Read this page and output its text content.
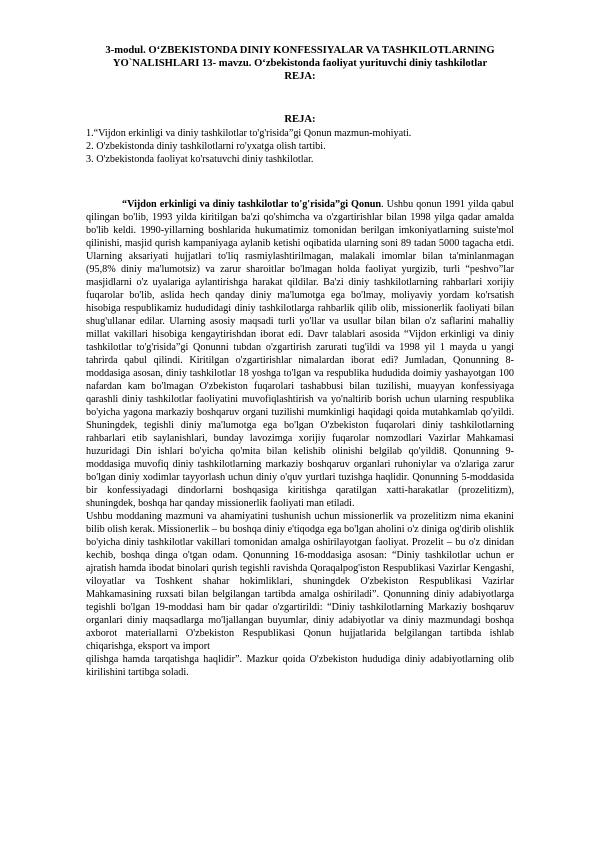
3-modul. O‘ZBEKISTONDA DINIY KONFESSIYALAR VA TASHKILOTLARNING YO`NALISHLARI 13- mavzu. O‘zbekistonda faoliyat yurituvchi diniy tashkilotlar

REJA:
REJA:
1.“Vijdon erkinligi va diniy tashkilotlar to'g'risida”gi Qonun mazmun-mohiyati.
2. O'zbekistonda diniy tashkilotlarni ro'yxatga olish tartibi.
3. O'zbekistonda faoliyat ko'rsatuvchi diniy tashkilotlar.

“Vijdon erkinligi va diniy tashkilotlar to'g'risida”gi Qonun. Ushbu qonun 1991 yilda qabul qilingan bo'lib, 1993 yilda kiritilgan ba'zi qo'shimcha va o'zgartirishlar bilan 1998 yilga qadar amalda bo'lib keldi. 1990-yillarning boshlarida hukumatimiz tomonidan berilgan imkoniyatlarning suiste'mol qilinishi, masjid qurish kampaniyaga aylanib ketishi oqibatida ularning soni 89 tadan 5000 tagacha etdi. Ularning aksariyati hujjatlari to'liq rasmiylashtirilmagan, malakali imomlar bilan ta'minlanmagan (95,8% diniy ma'lumotsiz) va zarur sharoitlar bo'lmagan holda faoliyat yurgizib, turli “peshvo”lar masjidlarni o'z uyalariga aylantirishga harakat qildilar. Ba'zi diniy tashkilotlarning rahbarlari xorijiy fuqarolar bo'lib, aslida hech qanday diniy ma'lumotga ega bo'lmay, moliyaviy yordam ko'rsatish hisobiga respublikamiz hududidagi diniy tashkilotlarga rahbarlik qilib olib, missionerlik faoliyati bilan shug'ullanar edilar. Ularning asosiy maqsadi turli yo'llar va usullar bilan bilan o'z saflarini mahalliy millat vakillari hisobiga kengaytirishdan iborat edi. Davr talablari asosida “Vijdon erkinligi va diniy tashkilotlar to'g'risida”gi Qonunni tubdan o'zgartirish zarurati tug'ildi va 1998 yil 1 mayda u yangi tahrirda qabul qilindi. Kiritilgan o'zgartirishlar nimalardan iborat edi? Jumladan, Qonunning 8-moddasiga asosan, diniy tashkilotlar 18 yoshga to'lgan va respublika hududida doimiy yashayotgan 100 nafardan kam bo'lmagan O'zbekiston fuqarolari tashabbusi bilan tuzilishi, muayyan konfessiyaga qarashli diniy tashkilotlar faoliyatini muvofiqlashtirish va yo'naltirib borish uchun ularning respublika bo'yicha yagona markaziy boshqaruv organi tuzilishi mumkinligi haqidagi qoida mutahkamlab qo'yildi. Shuningdek, tegishli diniy ma'lumotga ega bo'lgan O'zbekiston fuqarolari diniy tashkilotlarning rahbarlari etib saylanishlari, bunday lavozimga xorijiy fuqarolar nomzodlari Vazirlar Mahkamasi huzuridagi Din ishlari bo'yicha qo'mita bilan kelishib olinishi belgilab qo'yildi8. Qonunning 9-moddasiga muvofiq diniy tashkilotlarning markaziy boshqaruv organlari ruhoniylar va o'zlariga zarur bo'lgan diniy xodimlar tayyorlash uchun diniy o'quv yurtlari tuzishga haqlidir. Qonunning 5-moddasida bir konfessiyadagi dindorlarni boshqasiga kiritishga qaratilgan xatti-harakatlar (prozelitizm), shuningdek, boshqa har qanday missionerlik faoliyati man etiladi.

Ushbu moddaning mazmuni va ahamiyatini tushunish uchun missionerlik va prozelitizm nima ekanini bilib olish kerak. Missionerlik – bu boshqa diniy e'tiqodga ega bo'lgan aholini o'z diniga og'dirib olishlik bo'yicha diniy tashkilotlar vakillari tomonidan amalga oshirilayotgan faoliyat. Prozelit – bu o'z dinidan kechib, boshqa dinga o'tgan odam. Qonunning 16-moddasiga asosan: “Diniy tashkilotlar uchun er ajratish hamda ibodat binolari qurish tegishli ravishda Qoraqalpog'iston Respublikasi Vazirlar Kengashi, viloyatlar va Toshkent shahar hokimliklari, shuningdek O'zbekiston Respublikasi Vazirlar Mahkamasining ruxsati bilan belgilangan tartibda amalga oshiriladi”. Qonunning diniy adabiyotlarga tegishli bo'lgan 19-moddasi ham bir qadar o'zgartirildi: “Diniy tashkilotlarning Markaziy boshqaruv organlari diniy maqsadlarga mo'ljallangan buyumlar, diniy adabiyotlar va diniy mazmundagi boshqa axborot materiallarni O'zbekiston Respublikasi Qonun hujjatlarida belgilangan tartibda ishlab chiqarishga, eksport va import

qilishga hamda tarqatishga haqlidir”. Mazkur qoida O'zbekiston hududiga diniy adabiyotlarning olib kirilishini tartibga soladi.
